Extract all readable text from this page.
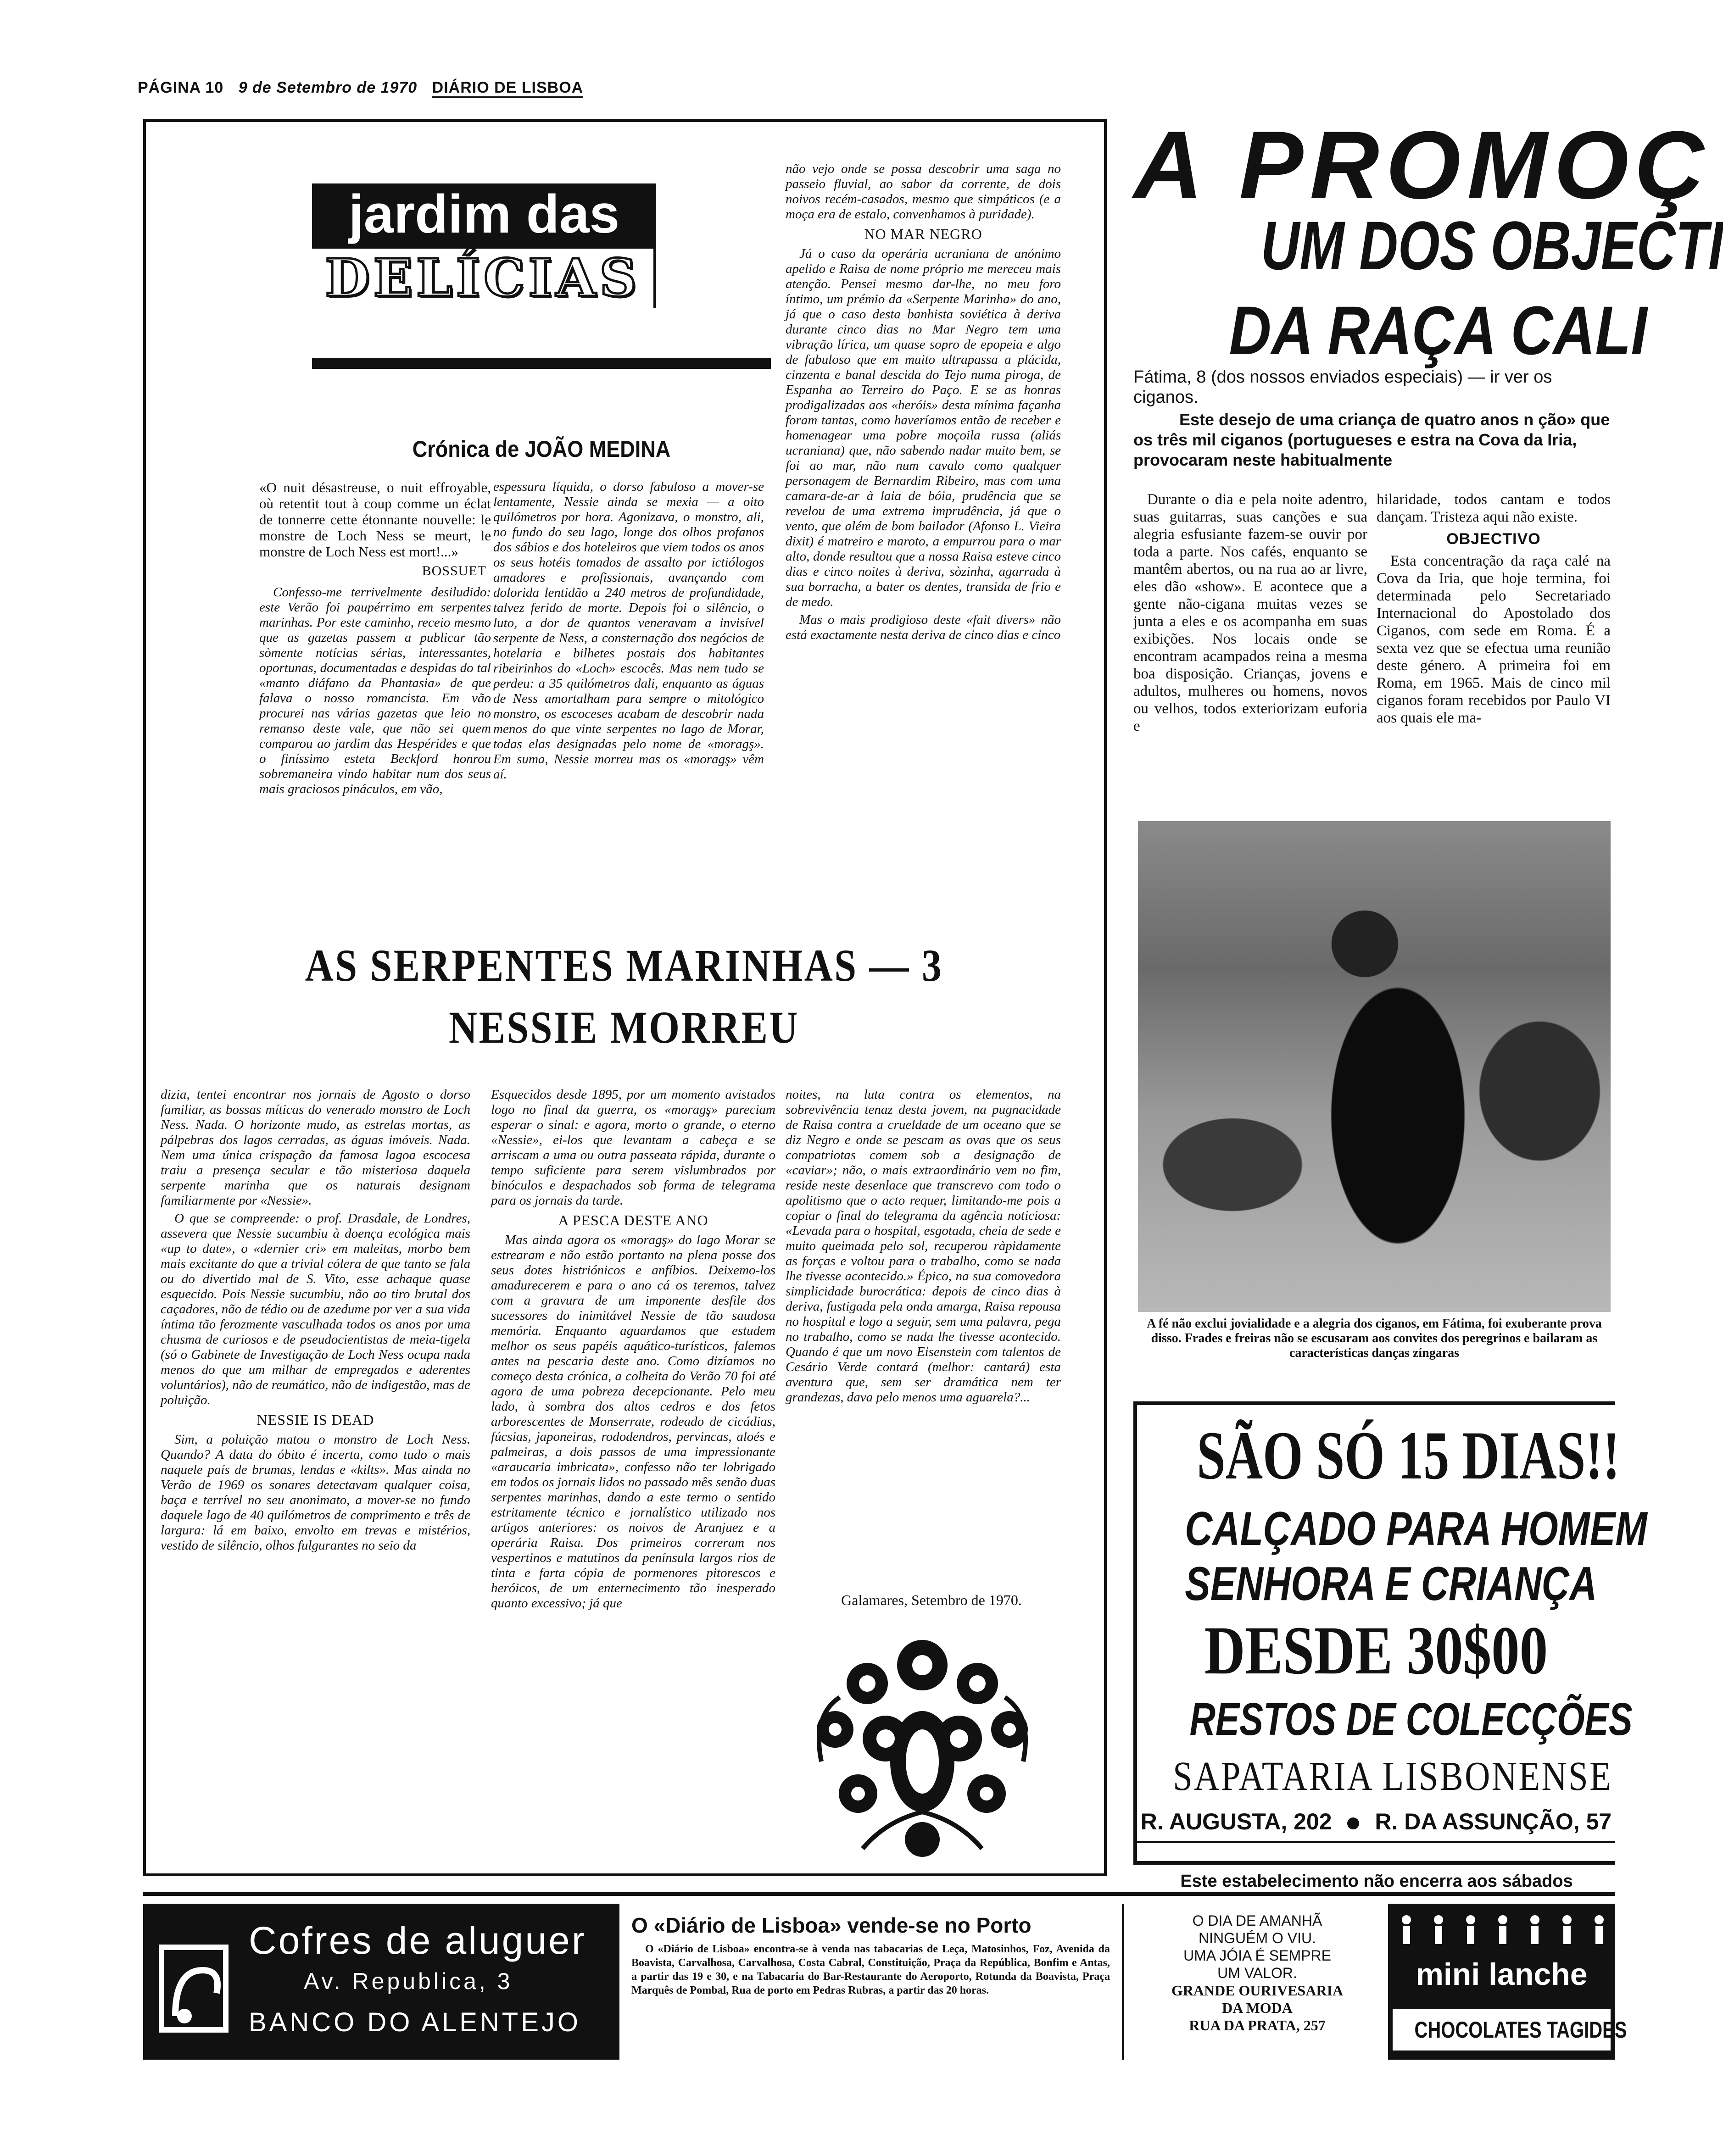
PÁGINA 10 9 de Setembro de 1970 DIÁRIO DE LISBOA
jardim das
DELÍCIAS
Crónica de JOÃO MEDINA

«O nuit désastreuse, o nuit effroyable, où retentit tout à coup comme un éclat de tonnerre cette étonnante nouvelle: le monstre de Loch Ness se meurt, le monstre de Loch Ness est mort!...»

BOSSUET

Confesso-me terrivelmente desiludido: este Verão foi paupérrimo em serpentes marinhas. Por este caminho, receio mesmo que as gazetas passem a publicar tão sòmente notícias sérias, interessantes, oportunas, documentadas e despidas do tal «manto diáfano da Phantasia» de que falava o nosso romancista. Em vão procurei nas várias gazetas que leio no remanso deste vale, que não sei quem comparou ao jardim das Hespérides e que o finíssimo esteta Beckford honrou sobremaneira vindo habitar num dos seus mais graciosos pináculos, em vão,

espessura líquida, o dorso fabuloso a mover-se lentamente, Nessie ainda se mexia — a oito quilómetros por hora. Agonizava, o monstro, ali, no fundo do seu lago, longe dos olhos profanos dos sábios e dos hoteleiros que viem todos os anos os seus hotéis tomados de assalto por ictiólogos amadores e profissionais, avançando com dolorida lentidão a 240 metros de profundidade, talvez ferido de morte. Depois foi o silêncio, o luto, a dor de quantos veneravam a invisível serpente de Ness, a consternação dos negócios de hotelaria e bilhetes postais dos habitantes ribeirinhos do «Loch» escocês. Mas nem tudo se perdeu: a 35 quilómetros dali, enquanto as águas de Ness amortalham para sempre o mitológico monstro, os escoceses acabam de descobrir nada menos do que vinte serpentes no lago de Morar, todas elas designadas pelo nome de «moragş». Em suma, Nessie morreu mas os «moragş» vêm aí.

não vejo onde se possa descobrir uma saga no passeio fluvial, ao sabor da corrente, de dois noivos recém-casados, mesmo que simpáticos (e a moça era de estalo, convenhamos à puridade).

NO MAR NEGRO

Já o caso da operária ucraniana de anónimo apelido e Raisa de nome próprio me mereceu mais atenção. Pensei mesmo dar-lhe, no meu foro íntimo, um prémio da «Serpente Marinha» do ano, já que o caso desta banhista soviética à deriva durante cinco dias no Mar Negro tem uma vibração lírica, um quase sopro de epopeia e algo de fabuloso que em muito ultrapassa a plácida, cinzenta e banal descida do Tejo numa piroga, de Espanha ao Terreiro do Paço. E se as honras prodigalizadas aos «heróis» desta mínima façanha foram tantas, como haveríamos então de receber e homenagear uma pobre moçoila russa (aliás ucraniana) que, não sabendo nadar muito bem, se foi ao mar, não num cavalo como qualquer personagem de Bernardim Ribeiro, mas com uma camara-de-ar à laia de bóia, prudência que se revelou de uma extrema imprudência, já que o vento, que além de bom bailador (Afonso L. Vieira dixit) é matreiro e maroto, a empurrou para o mar alto, donde resultou que a nossa Raisa esteve cinco dias e cinco noites à deriva, sòzinha, agarrada à sua borracha, a bater os dentes, transida de frio e de medo.

Mas o mais prodigioso deste «fait divers» não está exactamente nesta deriva de cinco dias e cinco

AS SERPENTES MARINHAS — 3
NESSIE MORREU

dizia, tentei encontrar nos jornais de Agosto o dorso familiar, as bossas míticas do venerado monstro de Loch Ness. Nada. O horizonte mudo, as estrelas mortas, as pálpebras dos lagos cerradas, as águas imóveis. Nada. Nem uma única crispação da famosa lagoa escocesa traiu a presença secular e tão misteriosa daquela serpente marinha que os naturais designam familiarmente por «Nessie».

O que se compreende: o prof. Drasdale, de Londres, assevera que Nessie sucumbiu à doença ecológica mais «up to date», o «dernier cri» em maleitas, morbo bem mais excitante do que a trivial cólera de que tanto se fala ou do divertido mal de S. Vito, esse achaque quase esquecido. Pois Nessie sucumbiu, não ao tiro brutal dos caçadores, não de tédio ou de azedume por ver a sua vida íntima tão ferozmente vasculhada todos os anos por uma chusma de curiosos e de pseudocientistas de meia-tigela (só o Gabinete de Investigação de Loch Ness ocupa nada menos do que um milhar de empregados e aderentes voluntários), não de reumático, não de indigestão, mas de poluição.

NESSIE IS DEAD

Sim, a poluição matou o monstro de Loch Ness. Quando? A data do óbito é incerta, como tudo o mais naquele país de brumas, lendas e «kilts». Mas ainda no Verão de 1969 os sonares detectavam qualquer coisa, baça e terrível no seu anonimato, a mover-se no fundo daquele lago de 40 quilómetros de comprimento e três de largura: lá em baixo, envolto em trevas e mistérios, vestido de silêncio, olhos fulgurantes no seio da

Esquecidos desde 1895, por um momento avistados logo no final da guerra, os «moragş» pareciam esperar o sinal: e agora, morto o grande, o eterno «Nessie», ei-los que levantam a cabeça e se arriscam a uma ou outra passeata rápida, durante o tempo suficiente para serem vislumbrados por binóculos e despachados sob forma de telegrama para os jornais da tarde.

A PESCA DESTE ANO

Mas ainda agora os «moragş» do lago Morar se estrearam e não estão portanto na plena posse dos seus dotes histriónicos e anfíbios. Deixemo-los amadurecerem e para o ano cá os teremos, talvez com a gravura de um imponente desfile dos sucessores do inimitável Nessie de tão saudosa memória. Enquanto aguardamos que estudem melhor os seus papéis aquático-turísticos, falemos antes na pescaria deste ano. Como dizíamos no começo desta crónica, a colheita do Verão 70 foi até agora de uma pobreza decepcionante. Pelo meu lado, à sombra dos altos cedros e dos fetos arborescentes de Monserrate, rodeado de cicádias, fúcsias, japoneiras, rododendros, pervincas, aloés e palmeiras, a dois passos de uma impressionante «araucaria imbricata», confesso não ter lobrigado em todos os jornais lidos no passado mês senão duas serpentes marinhas, dando a este termo o sentido estritamente técnico e jornalístico utilizado nos artigos anteriores: os noivos de Aranjuez e a operária Raisa. Dos primeiros correram nos vespertinos e matutinos da península largos rios de tinta e farta cópia de pormenores pitorescos e heróicos, de um enternecimento tão inesperado quanto excessivo; já que

noites, na luta contra os elementos, na sobrevivência tenaz desta jovem, na pugnacidade de Raisa contra a crueldade de um oceano que se diz Negro e onde se pescam as ovas que os seus compatriotas comem sob a designação de «caviar»; não, o mais extraordinário vem no fim, reside neste desenlace que transcrevo com todo o apolitismo que o acto requer, limitando-me pois a copiar o final do telegrama da agência noticiosa: «Levada para o hospital, esgotada, cheia de sede e muito queimada pelo sol, recuperou ràpidamente as forças e voltou para o trabalho, como se nada lhe tivesse acontecido.» Épico, na sua comovedora simplicidade burocrática: depois de cinco dias à deriva, fustigada pela onda amarga, Raisa repousa no hospital e logo a seguir, sem uma palavra, pega no trabalho, como se nada lhe tivesse acontecido. Quando é que um novo Eisenstein com talentos de Cesário Verde contará (melhor: cantará) esta aventura que, sem ser dramática nem ter grandezas, dava pelo menos uma aguarela?...

Galamares, Setembro de 1970.
A PROMOÇ
UM DOS OBJECTI
DA RAÇA CALI
Fátima, 8 (dos nossos enviados especiais) — ir ver os ciganos.
Este desejo de uma criança de quatro anos n ção» que os três mil ciganos (portugueses e estra na Cova da Iria, provocaram neste habitualmente

Durante o dia e pela noite adentro, suas guitarras, suas canções e sua alegria esfusiante fazem-se ouvir por toda a parte. Nos cafés, enquanto se mantêm abertos, ou na rua ao ar livre, eles dão «show». E acontece que a gente não-cigana muitas vezes se junta a eles e os acompanha em suas exibições. Nos locais onde se encontram acampados reina a mesma boa disposição. Crianças, jovens e adultos, mulheres ou homens, novos ou velhos, todos exteriorizam euforia e

hilaridade, todos cantam e todos dançam. Tristeza aqui não existe.

OBJECTIVO

Esta concentração da raça calé na Cova da Iria, que hoje termina, foi determinada pelo Secretariado Internacional do Apostolado dos Ciganos, com sede em Roma. É a sexta vez que se efectua uma reunião deste género. A primeira foi em Roma, em 1965. Mais de cinco mil ciganos foram recebidos por Paulo VI aos quais ele ma-

A fé não exclui jovialidade e a alegria dos ciganos, em Fátima, foi exuberante prova disso. Frades e freiras não se escusaram aos convites dos peregrinos e bailaram as características danças zíngaras
SÃO SÓ 15 DIAS!!
CALÇADO PARA HOMEM
SENHORA E CRIANÇA
DESDE 30$00
RESTOS DE COLECÇÕES
SAPATARIA LISBONENSE
R. AUGUSTA, 202 R. DA ASSUNÇÃO, 57
Este estabelecimento não encerra aos sábados
Cofres de aluguer
Av. Republica, 3
BANCO DO ALENTEJO
O «Diário de Lisboa» vende-se no Porto
O «Diário de Lisboa» encontra-se à venda nas tabacarias de Leça, Matosinhos, Foz, Avenida da Boavista, Carvalhosa, Carvalhosa, Costa Cabral, Constituição, Praça da República, Bonfim e Antas, a partir das 19 e 30, e na Tabacaria do Bar-Restaurante do Aeroporto, Rotunda da Boavista, Praça Marquês de Pombal, Rua de porto em Pedras Rubras, a partir das 20 horas.
O DIA DE AMANHÃ
NINGUÉM O VIU.
UMA JÓIA É SEMPRE
UM VALOR.
GRANDE OURIVESARIA
DA MODA
RUA DA PRATA, 257
mini lanche
CHOCOLATES TAGIDES
